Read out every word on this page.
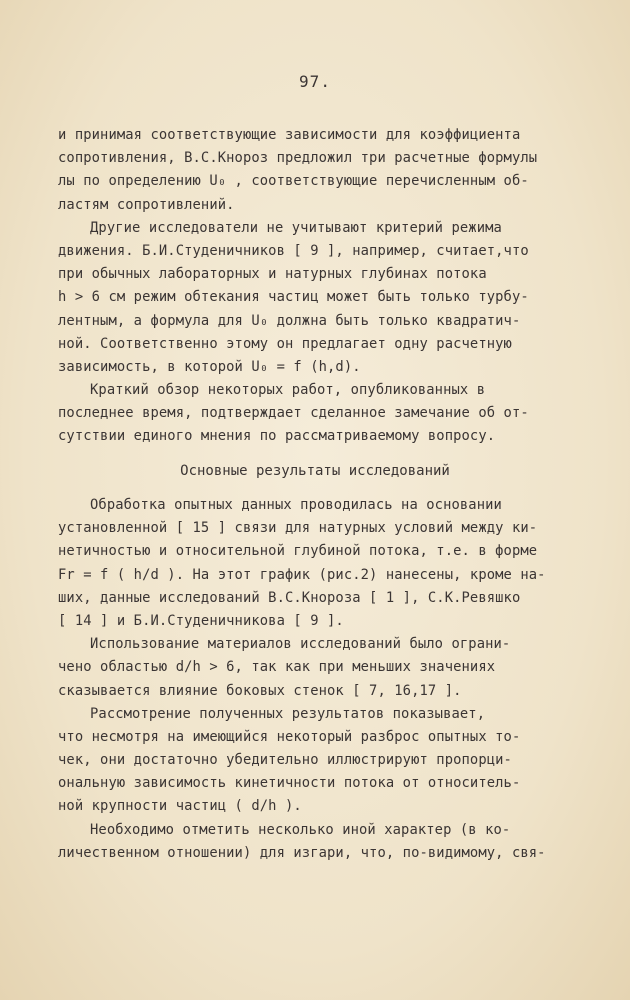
97.
и принимая соответствующие зависимости для коэффициента
сопротивления, В.С.Кнороз предложил три расчетные формулы
лы по определению U₀ , соответствующие перечисленным об-
ластям сопротивлений.
Другие исследователи не учитывают критерий режима
движения. Б.И.Студеничников [ 9 ], например, считает,что
при обычных лабораторных и натурных глубинах потока
h > 6 см режим обтекания частиц может быть только турбу-
лентным, а формула для U₀ должна быть только квадратич-
ной. Соответственно этому он предлагает одну расчетную
зависимость, в которой U₀ = f (h,d).
Краткий обзор некоторых работ, опубликованных в
последнее время, подтверждает сделанное замечание об от-
сутствии единого мнения по рассматриваемому вопросу.
Основные результаты исследований
Обработка опытных данных проводилась на основании
установленной [ 15 ] связи для натурных условий между ки-
нетичностью и относительной глубиной потока, т.е. в форме
Fr = f ( h/d ). На этот график (рис.2) нанесены, кроме на-
ших, данные исследований В.С.Кнороза [ 1 ], С.К.Ревяшко
[ 14 ] и Б.И.Студеничникова [ 9 ].
Использование материалов исследований было ограни-
чено областью d/h > 6, так как при меньших значениях
сказывается влияние боковых стенок [ 7, 16,17 ].
Рассмотрение полученных результатов показывает,
что несмотря на имеющийся некоторый разброс опытных то-
чек, они достаточно убедительно иллюстрируют пропорци-
ональную зависимость кинетичности потока от относитель-
ной крупности частиц ( d/h ).
Необходимо отметить несколько иной характер (в ко-
личественном отношении) для изгари, что, по-видимому, свя-
